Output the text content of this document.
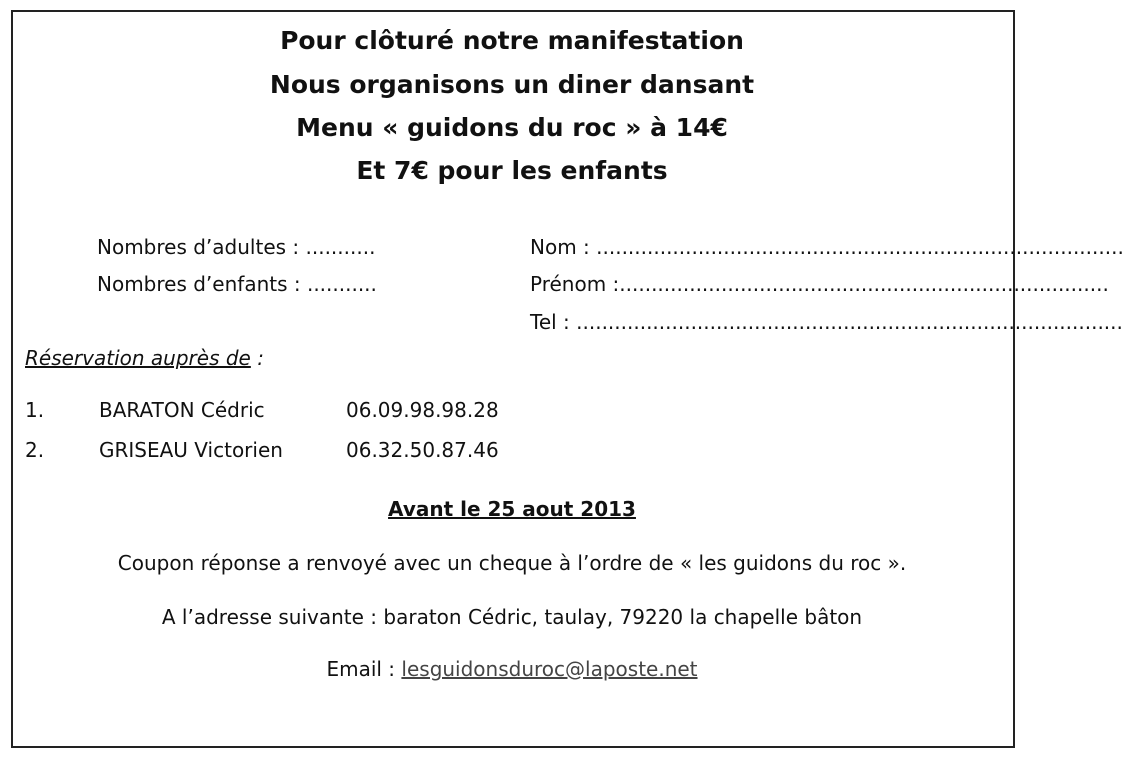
Pour clôturé notre manifestation
Nous organisons un diner dansant
Menu « guidons du roc » à 14€
Et 7€ pour les enfants
Nombres d’adultes : ...........
Nombres d’enfants : ...........
Nom : ...................................................................................
Prénom :.............................................................................
Tel : ......................................................................................
Réservation auprès de :
1.	BARATON Cédric	06.09.98.98.28
2.	GRISEAU Victorien	06.32.50.87.46
Avant le 25 aout 2013
Coupon réponse a renvoyé avec un cheque à l’ordre de « les guidons du roc ».
A l’adresse suivante : baraton Cédric, taulay, 79220 la chapelle bâton
Email : lesguidonsduroc@laposte.net
